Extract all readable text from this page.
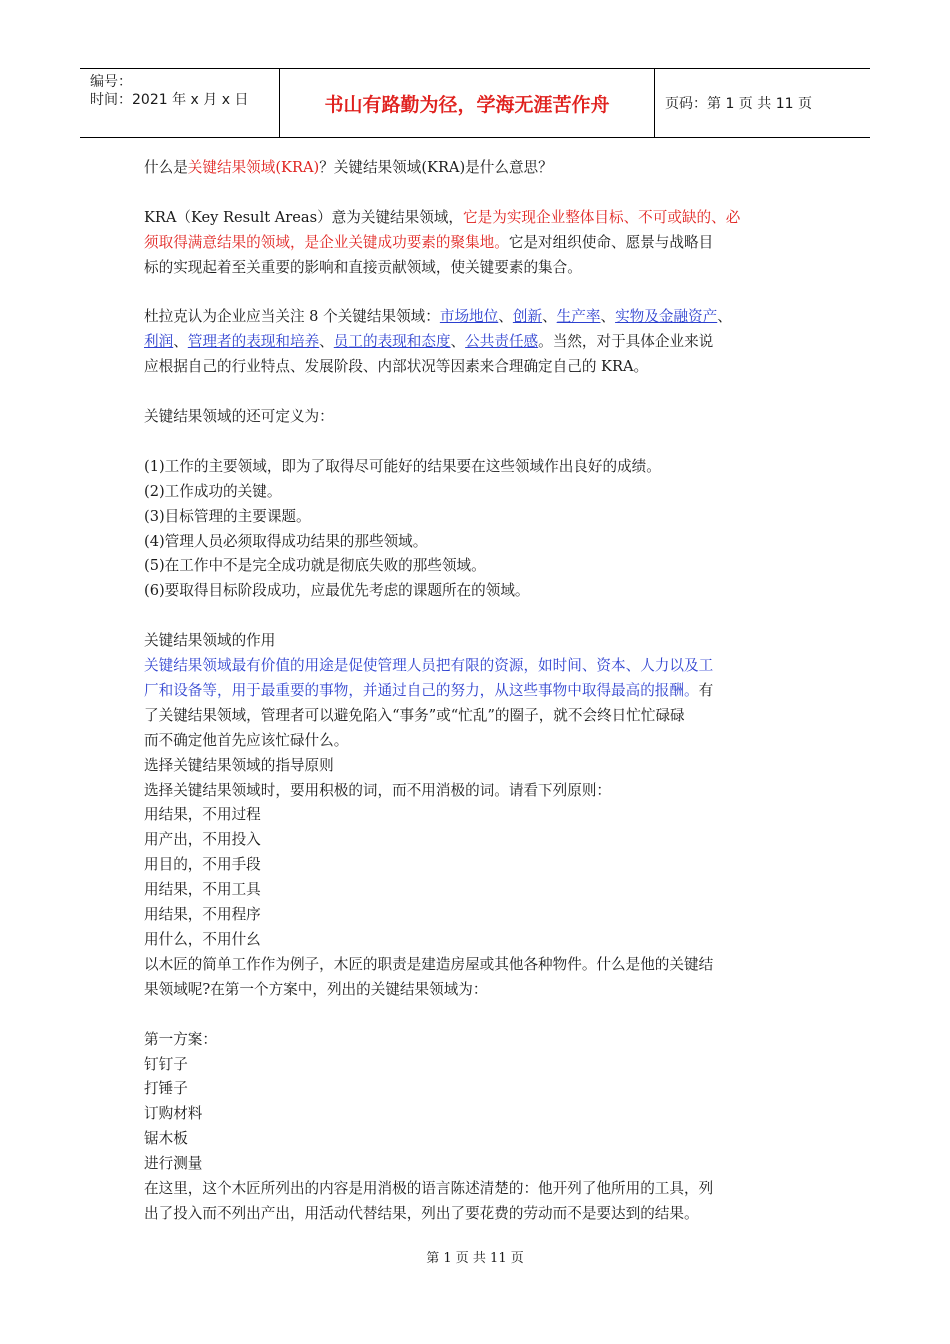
编号：
时间：2021 年 x 月 x 日	书山有路勤为径，学海无涯苦作舟	页码：第 1 页 共 11 页

什么是关键结果领域(KRA)？关键结果领域(KRA)是什么意思？

KRA（Key Result Areas）意为关键结果领域，它是为实现企业整体目标、不可或缺的、必

须取得满意结果的领域，是企业关键成功要素的聚集地。它是对组织使命、愿景与战略目

标的实现起着至关重要的影响和直接贡献领域，使关键要素的集合。

杜拉克认为企业应当关注 8 个关键结果领域：市场地位、创新、生产率、实物及金融资产、

利润、管理者的表现和培养、员工的表现和态度、公共责任感。当然，对于具体企业来说

应根据自己的行业特点、发展阶段、内部状况等因素来合理确定自己的 KRA。

关键结果领域的还可定义为：

(1)工作的主要领域，即为了取得尽可能好的结果要在这些领域作出良好的成绩。

(2)工作成功的关键。

(3)目标管理的主要课题。

(4)管理人员必须取得成功结果的那些领域。

(5)在工作中不是完全成功就是彻底失败的那些领域。

(6)要取得目标阶段成功，应最优先考虑的课题所在的领域。

关键结果领域的作用

关键结果领域最有价值的用途是促使管理人员把有限的资源，如时间、资本、人力以及工

厂和设备等，用于最重要的事物，并通过自己的努力，从这些事物中取得最高的报酬。有

了关键结果领域，管理者可以避免陷入“事务”或“忙乱”的圈子，就不会终日忙忙碌碌

而不确定他首先应该忙碌什么。

选择关键结果领域的指导原则

选择关键结果领域时，要用积极的词，而不用消极的词。请看下列原则：

用结果，不用过程

用产出，不用投入

用目的，不用手段

用结果，不用工具

用结果，不用程序

用什么，不用什幺

以木匠的简单工作作为例子，木匠的职责是建造房屋或其他各种物件。什么是他的关键结

果领域呢?在第一个方案中，列出的关键结果领域为：

第一方案：

钉钉子

打锤子

订购材料

锯木板

进行测量

在这里，这个木匠所列出的内容是用消极的语言陈述清楚的：他开列了他所用的工具，列

出了投入而不列出产出，用活动代替结果，列出了要花费的劳动而不是要达到的结果。

第 1 页 共 11 页
